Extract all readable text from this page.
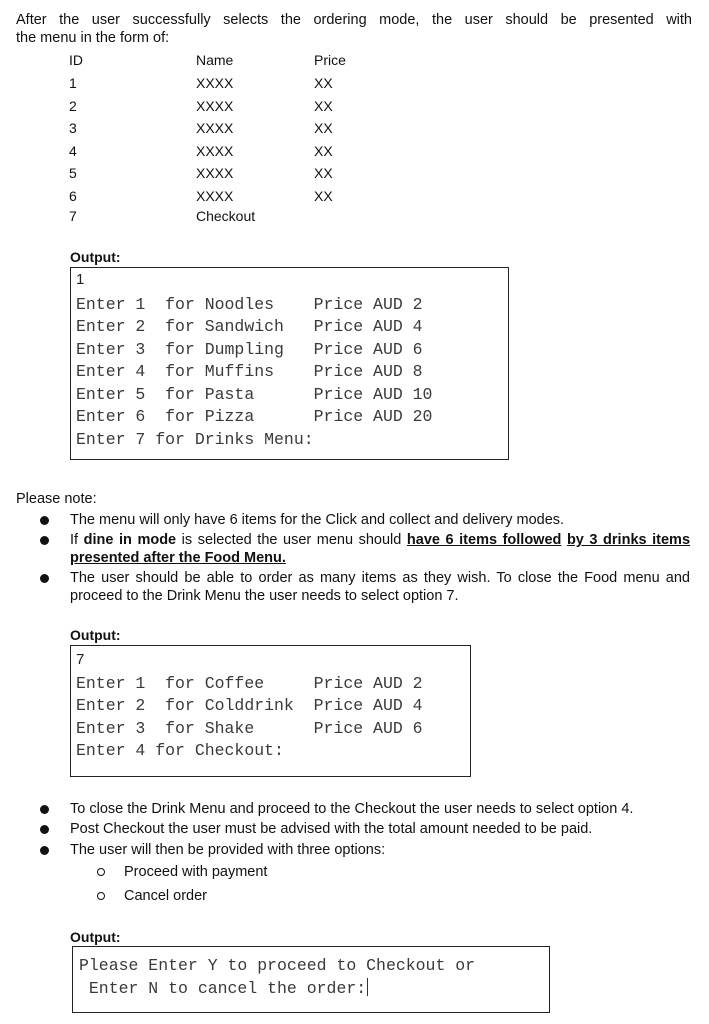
After the user successfully selects the ordering mode, the user should be presented with
the menu in the form of:
ID	Name	Price
1	XXXX	XX
2	XXXX	XX
3	XXXX	XX
4	XXXX	XX
5	XXXX	XX
6	XXXX	XX
7	Checkout
Output:
1
Enter 1  for Noodles    Price AUD 2
Enter 2  for Sandwich   Price AUD 4
Enter 3  for Dumpling   Price AUD 6
Enter 4  for Muffins    Price AUD 8
Enter 5  for Pasta      Price AUD 10
Enter 6  for Pizza      Price AUD 20
Enter 7 for Drinks Menu:
Please note:
The menu will only have 6 items for the Click and collect and delivery modes.
If dine in mode is selected the user menu should have 6 items followed by 3 drinks items
presented after the Food Menu.
The user should be able to order as many items as they wish. To close the Food menu and
proceed to the Drink Menu the user needs to select option 7.
Output:
7
Enter 1  for Coffee     Price AUD 2
Enter 2  for Colddrink  Price AUD 4
Enter 3  for Shake      Price AUD 6
Enter 4 for Checkout:
To close the Drink Menu and proceed to the Checkout the user needs to select option 4.
Post Checkout the user must be advised with the total amount needed to be paid.
The user will then be provided with three options:
Proceed with payment
Cancel order
Output:
Please Enter Y to proceed to Checkout or
Enter N to cancel the order:
